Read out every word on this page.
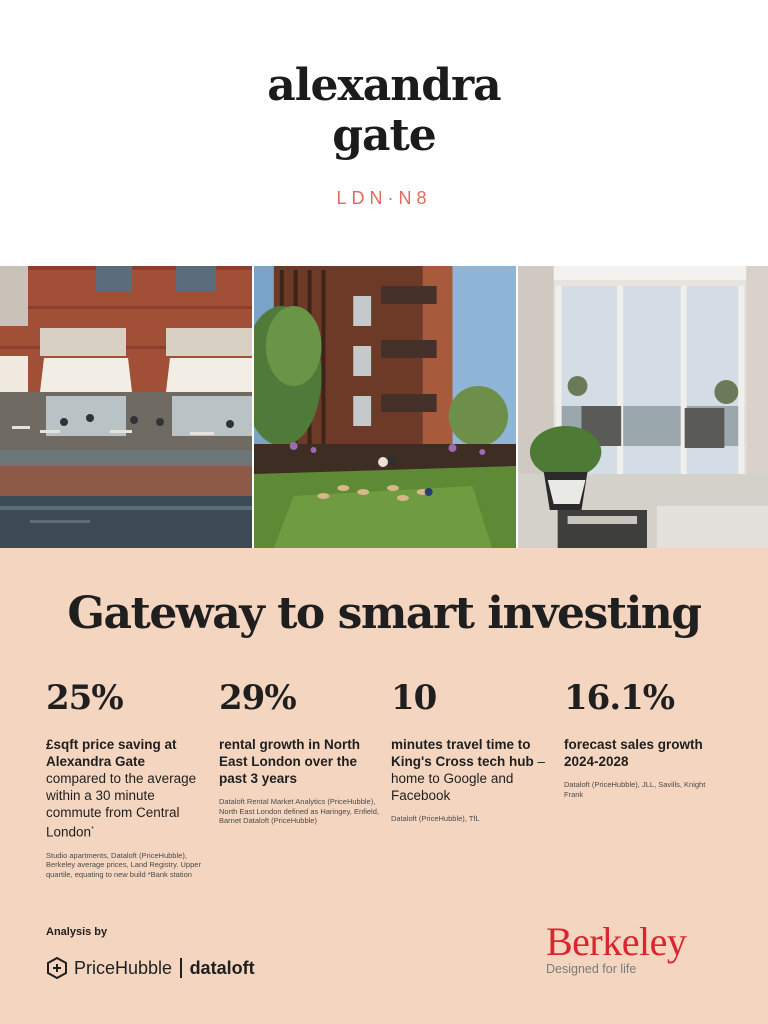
alexandra
gate
LDN·N8
Gateway to smart investing
25%
£sqft price saving at Alexandra Gate compared to the average within a 30 minute commute from Central London*
Studio apartments, Dataloft (PriceHubble), Berkeley average prices, Land Registry. Upper quartile, equating to new build *Bank station
29%
rental growth in North East London over the past 3 years
Dataloft Rental Market Analytics (PriceHubble), North East London defined as Haringey, Enfield, Barnet Dataloft (PriceHubble)
10
minutes travel time to King's Cross tech hub – home to Google and Facebook
Dataloft (PriceHubble), TfL
16.1%
forecast sales growth 2024-2028
Dataloft (PriceHubble), JLL, Savills, Knight Frank
Analysis by
PriceHubble dataloft
Berkeley
Designed for life
